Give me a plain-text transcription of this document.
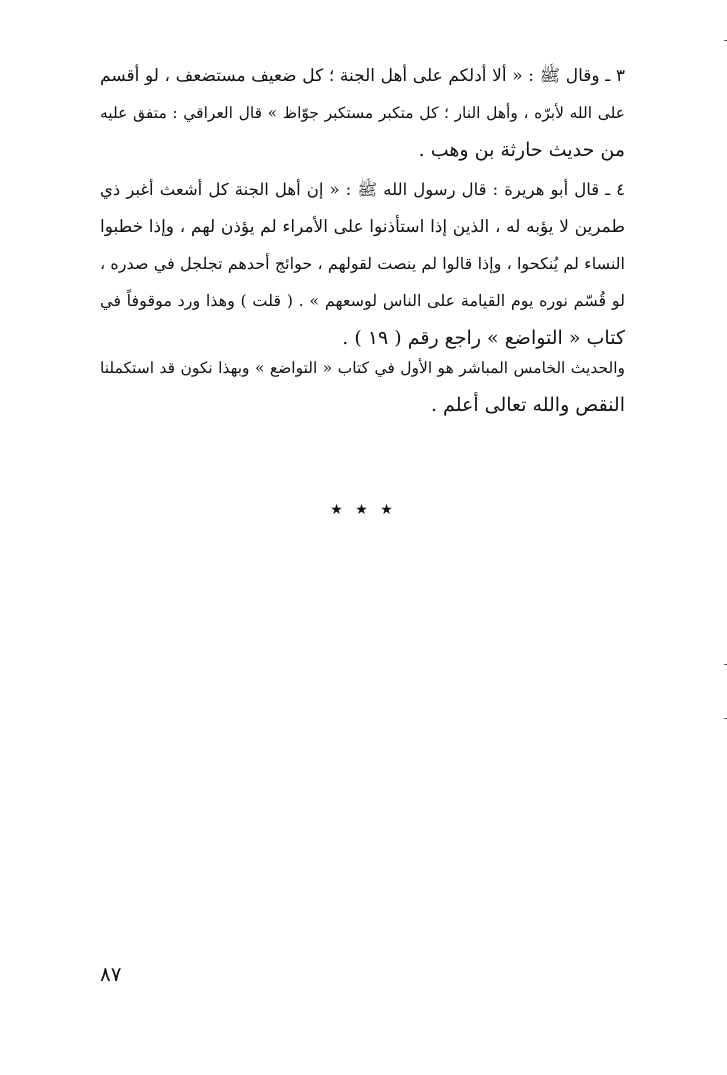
٣ ـ وقال ﷺ : « ألا أدلكم على أهل الجنة ؛ كل ضعيف مستضعف ، لو أقسم
على الله لأبرّه ، وأهل النار ؛ كل متكبر مستكبر جوّاظ » قال العراقي : متفق عليه
من حديث حارثة بن وهب .
٤ ـ قال أبو هريرة : قال رسول الله ﷺ : « إن أهل الجنة كل أشعث أغبر ذي
طمرين لا يؤبه له ، الذين إذا استأذنوا على الأمراء لم يؤذن لهم ، وإذا خطبوا
النساء لم يُنكحوا ، وإذا قالوا لم ينصت لقولهم ، حوائج أحدهم تجلجل في صدره ،
لو قُسّم نوره يوم القيامة على الناس لوسعهم » . ( قلت ) وهذا ورد موقوفاً في
كتاب « التواضع » راجع رقم ( ١٩ ) .
والحديث الخامس المباشر هو الأول في كتاب « التواضع » وبهذا نكون قد استكملنا
النقص والله تعالى أعلم .
★ ★ ★
٨٧
